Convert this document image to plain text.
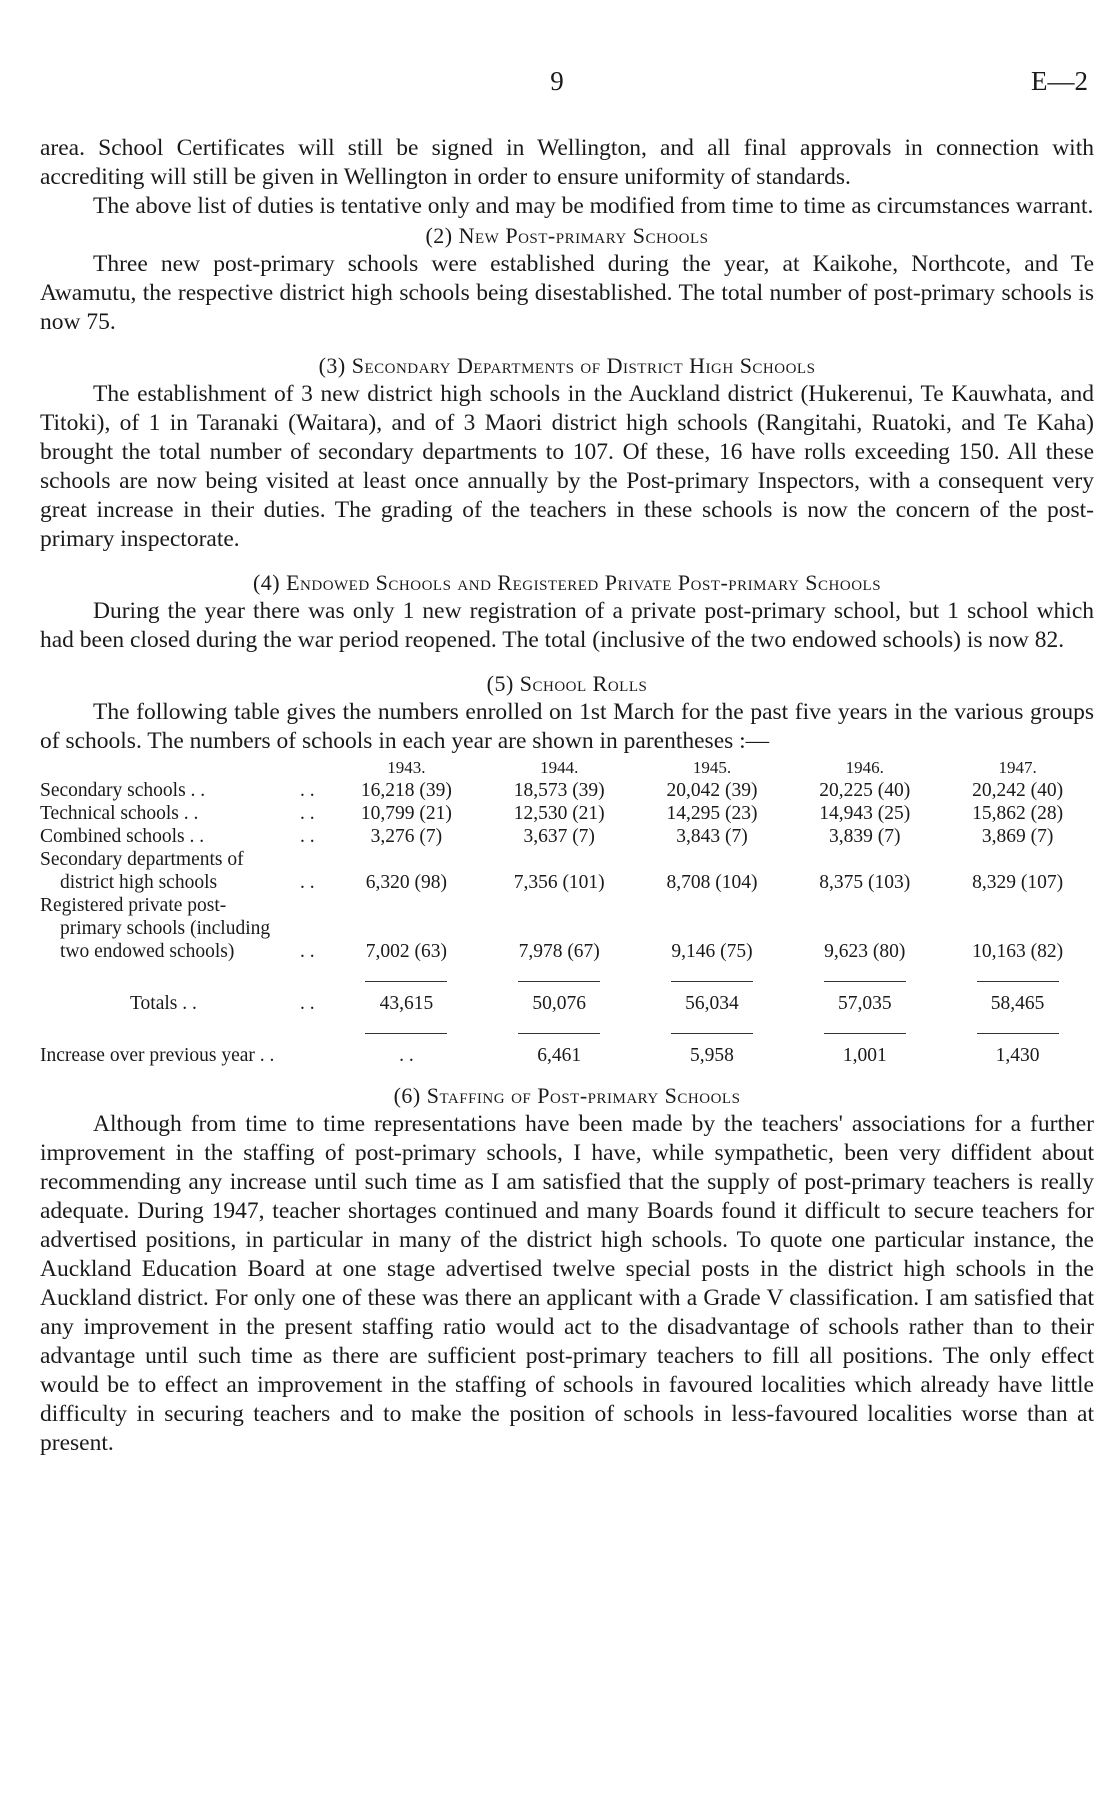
9	E—2

area. School Certificates will still be signed in Wellington, and all final approvals in connection with accrediting will still be given in Wellington in order to ensure uniformity of standards.

The above list of duties is tentative only and may be modified from time to time as circumstances warrant.

(2) New Post-primary Schools

Three new post-primary schools were established during the year, at Kaikohe, Northcote, and Te Awamutu, the respective district high schools being disestablished. The total number of post-primary schools is now 75.

(3) Secondary Departments of District High Schools

The establishment of 3 new district high schools in the Auckland district (Hukerenui, Te Kauwhata, and Titoki), of 1 in Taranaki (Waitara), and of 3 Maori district high schools (Rangitahi, Ruatoki, and Te Kaha) brought the total number of secondary departments to 107. Of these, 16 have rolls exceeding 150. All these schools are now being visited at least once annually by the Post-primary Inspectors, with a consequent very great increase in their duties. The grading of the teachers in these schools is now the concern of the post-primary inspectorate.

(4) Endowed Schools and Registered Private Post-primary Schools

During the year there was only 1 new registration of a private post-primary school, but 1 school which had been closed during the war period reopened. The total (inclusive of the two endowed schools) is now 82.

(5) School Rolls

The following table gives the numbers enrolled on 1st March for the past five years in the various groups of schools. The numbers of schools in each year are shown in parentheses :—

		1943.	1944.	1945.	1946.	1947.
Secondary schools . .	. .	16,218 (39)	18,573 (39)	20,042 (39)	20,225 (40)	20,242 (40)
Technical schools . .	. .	10,799 (21)	12,530 (21)	14,295 (23)	14,943 (25)	15,862 (28)
Combined schools . .	. .	3,276 (7)	3,637 (7)	3,843 (7)	3,839 (7)	3,869 (7)

Secondary departments of
district high schools	. .	6,320 (98)	7,356 (101)	8,708 (104)	8,375 (103)	8,329 (107)

Registered private post-
primary schools (including
two endowed schools)	. .	7,002 (63)	7,978 (67)	9,146 (75)	9,623 (80)	10,163 (82)

Totals . .	. .	43,615	50,076	56,034	57,035	58,465

Increase over previous year . .		. .	6,461	5,958	1,001	1,430

(6) Staffing of Post-primary Schools

Although from time to time representations have been made by the teachers' associations for a further improvement in the staffing of post-primary schools, I have, while sympathetic, been very diffident about recommending any increase until such time as I am satisfied that the supply of post-primary teachers is really adequate. During 1947, teacher shortages continued and many Boards found it difficult to secure teachers for advertised positions, in particular in many of the district high schools. To quote one particular instance, the Auckland Education Board at one stage advertised twelve special posts in the district high schools in the Auckland district. For only one of these was there an applicant with a Grade V classification. I am satisfied that any improvement in the present staffing ratio would act to the disadvantage of schools rather than to their advantage until such time as there are sufficient post-primary teachers to fill all positions. The only effect would be to effect an improvement in the staffing of schools in favoured localities which already have little difficulty in securing teachers and to make the position of schools in less-favoured localities worse than at present.
